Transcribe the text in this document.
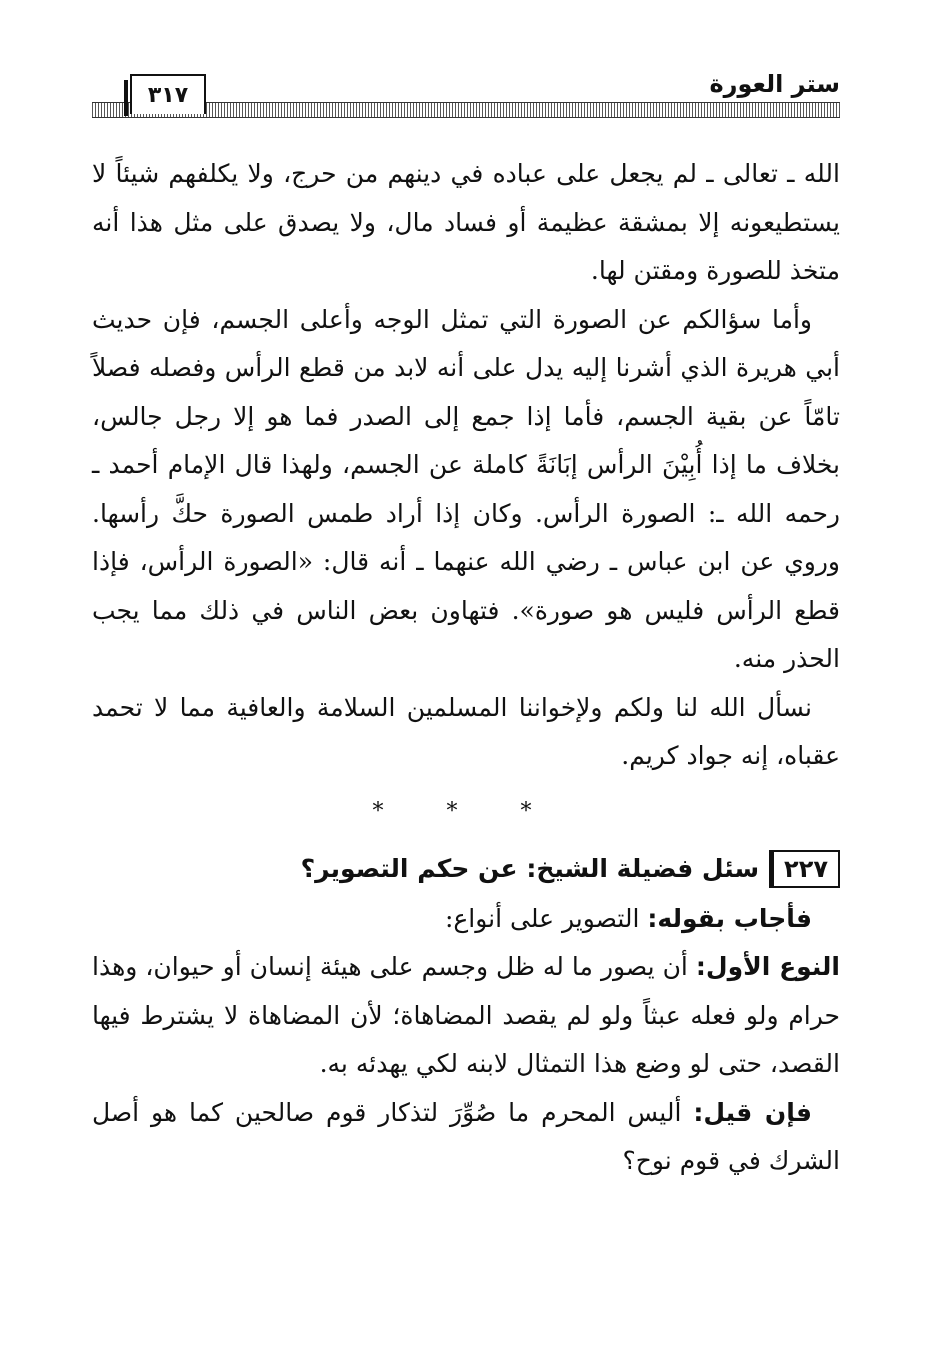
٣١٧	ستر العورة

الله ـ تعالى ـ لم يجعل على عباده في دينهم من حرج، ولا يكلفهم شيئاً لا يستطيعونه إلا بمشقة عظيمة أو فساد مال، ولا يصدق على مثل هذا أنه متخذ للصورة ومقتن لها.

وأما سؤالكم عن الصورة التي تمثل الوجه وأعلى الجسم، فإن حديث أبي هريرة الذي أشرنا إليه يدل على أنه لابد من قطع الرأس وفصله فصلاً تامّاً عن بقية الجسم، فأما إذا جمع إلى الصدر فما هو إلا رجل جالس، بخلاف ما إذا أُبِيْنَ الرأس إبَانَةً كاملة عن الجسم، ولهذا قال الإمام أحمد ـ رحمه الله ـ: الصورة الرأس. وكان إذا أراد طمس الصورة حكَّ رأسها. وروي عن ابن عباس ـ رضي الله عنهما ـ أنه قال: «الصورة الرأس، فإذا قطع الرأس فليس هو صورة». فتهاون بعض الناس في ذلك مما يجب الحذر منه.

نسأل الله لنا ولكم ولإخواننا المسلمين السلامة والعافية مما لا تحمد عقباه، إنه جواد كريم.

* * *
٢٢٧
سئل فضيلة الشيخ: عن حكم التصوير؟

فأجاب بقوله: التصوير على أنواع:

النوع الأول: أن يصور ما له ظل وجسم على هيئة إنسان أو حيوان، وهذا حرام ولو فعله عبثاً ولو لم يقصد المضاهاة؛ لأن المضاهاة لا يشترط فيها القصد، حتى لو وضع هذا التمثال لابنه لكي يهدئه به.

فإن قيل: أليس المحرم ما صُوِّرَ لتذكار قوم صالحين كما هو أصل الشرك في قوم نوح؟
